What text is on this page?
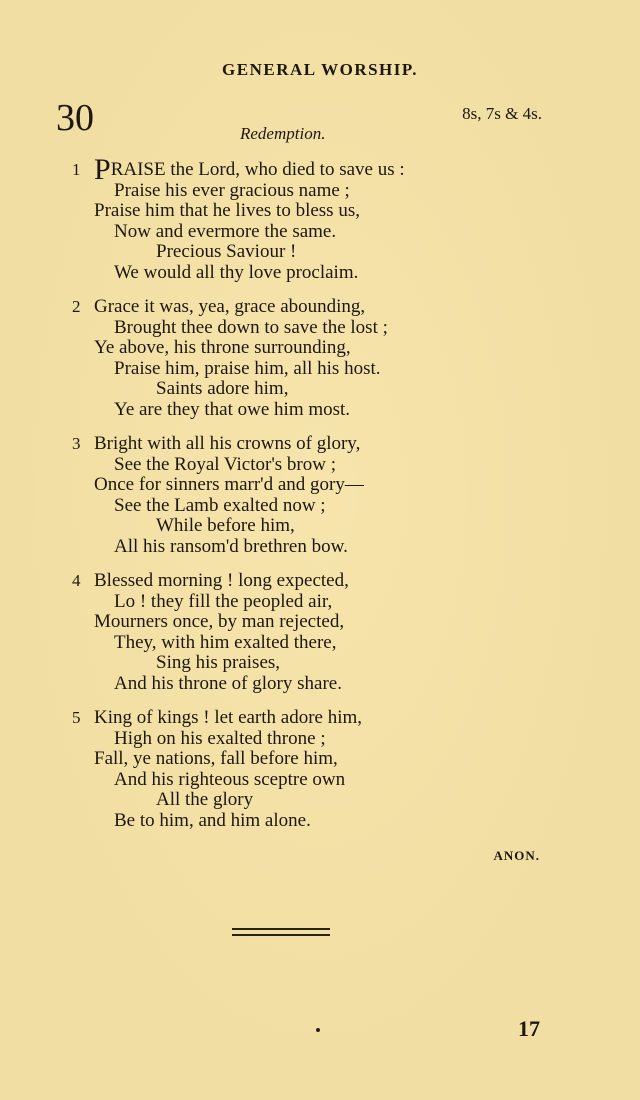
GENERAL WORSHIP.
30	8s, 7s & 4s.
Redemption.
1 PRAISE the Lord, who died to save us :
Praise his ever gracious name ;
Praise him that he lives to bless us,
Now and evermore the same.
Precious Saviour !
We would all thy love proclaim.
2 Grace it was, yea, grace abounding,
Brought thee down to save the lost ;
Ye above, his throne surrounding,
Praise him, praise him, all his host.
Saints adore him,
Ye are they that owe him most.
3 Bright with all his crowns of glory,
See the Royal Victor's brow ;
Once for sinners marr'd and gory—
See the Lamb exalted now ;
While before him,
All his ransom'd brethren bow.
4 Blessed morning ! long expected,
Lo ! they fill the peopled air,
Mourners once, by man rejected,
They, with him exalted there,
Sing his praises,
And his throne of glory share.
5 King of kings ! let earth adore him,
High on his exalted throne ;
Fall, ye nations, fall before him,
And his righteous sceptre own
All the glory
Be to him, and him alone.
ANON.
17
